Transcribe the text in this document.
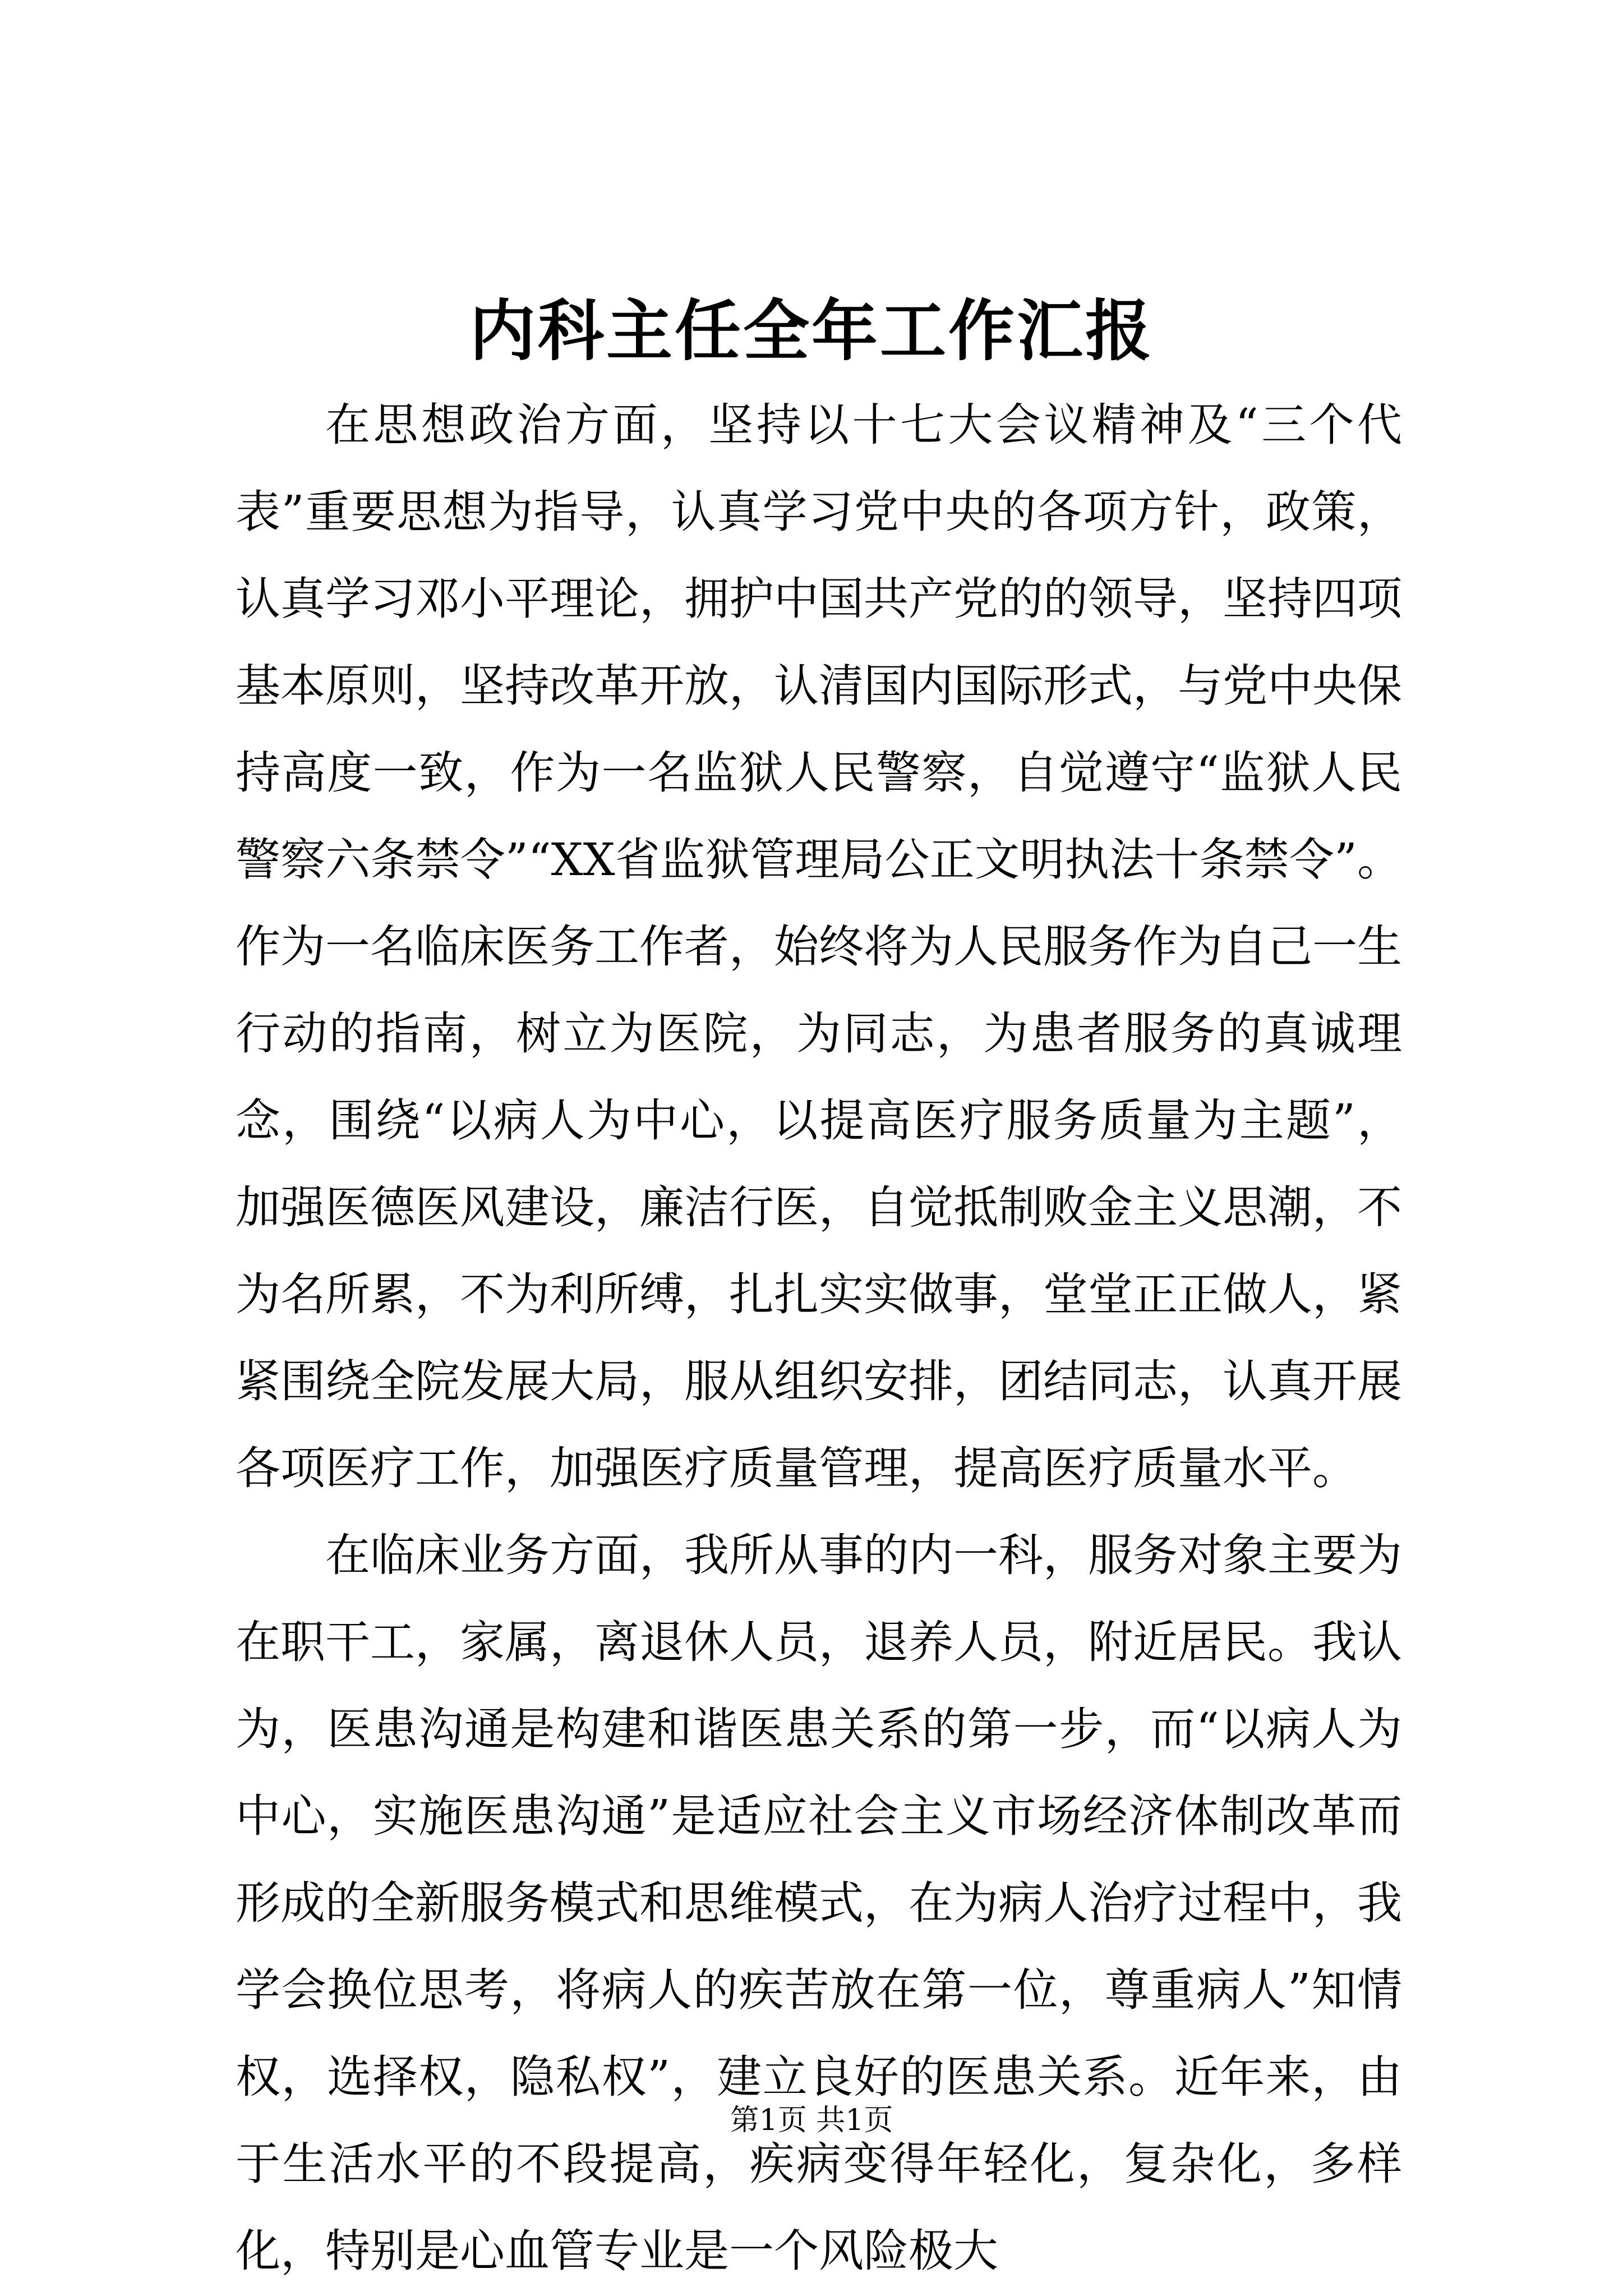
内科主任全年工作汇报

在思想政治方面，坚持以十七大会议精神及“三个代表”重要思想为指导，认真学习党中央的各项方针，政策，认真学习邓小平理论，拥护中国共产党的的领导，坚持四项基本原则，坚持改革开放，认清国内国际形式，与党中央保持高度一致，作为一名监狱人民警察，自觉遵守“监狱人民警察六条禁令”“XX省监狱管理局公正文明执法十条禁令”。作为一名临床医务工作者，始终将为人民服务作为自己一生行动的指南，树立为医院，为同志，为患者服务的真诚理念，围绕“以病人为中心，以提高医疗服务质量为主题”，加强医德医风建设，廉洁行医，自觉抵制败金主义思潮，不为名所累，不为利所缚，扎扎实实做事，堂堂正正做人，紧紧围绕全院发展大局，服从组织安排，团结同志，认真开展各项医疗工作，加强医疗质量管理，提高医疗质量水平。

在临床业务方面，我所从事的内一科，服务对象主要为在职干工，家属，离退休人员，退养人员，附近居民。我认为，医患沟通是构建和谐医患关系的第一步，而“以病人为中心，实施医患沟通”是适应社会主义市场经济体制改革而形成的全新服务模式和思维模式，在为病人治疗过程中，我学会换位思考，将病人的疾苦放在第一位，尊重病人”知情权，选择权，隐私权”，建立良好的医患关系。近年来，由于生活水平的不段提高，疾病变得年轻化，复杂化，多样化，特别是心血管专业是一个风险极大

第1页 共1页
